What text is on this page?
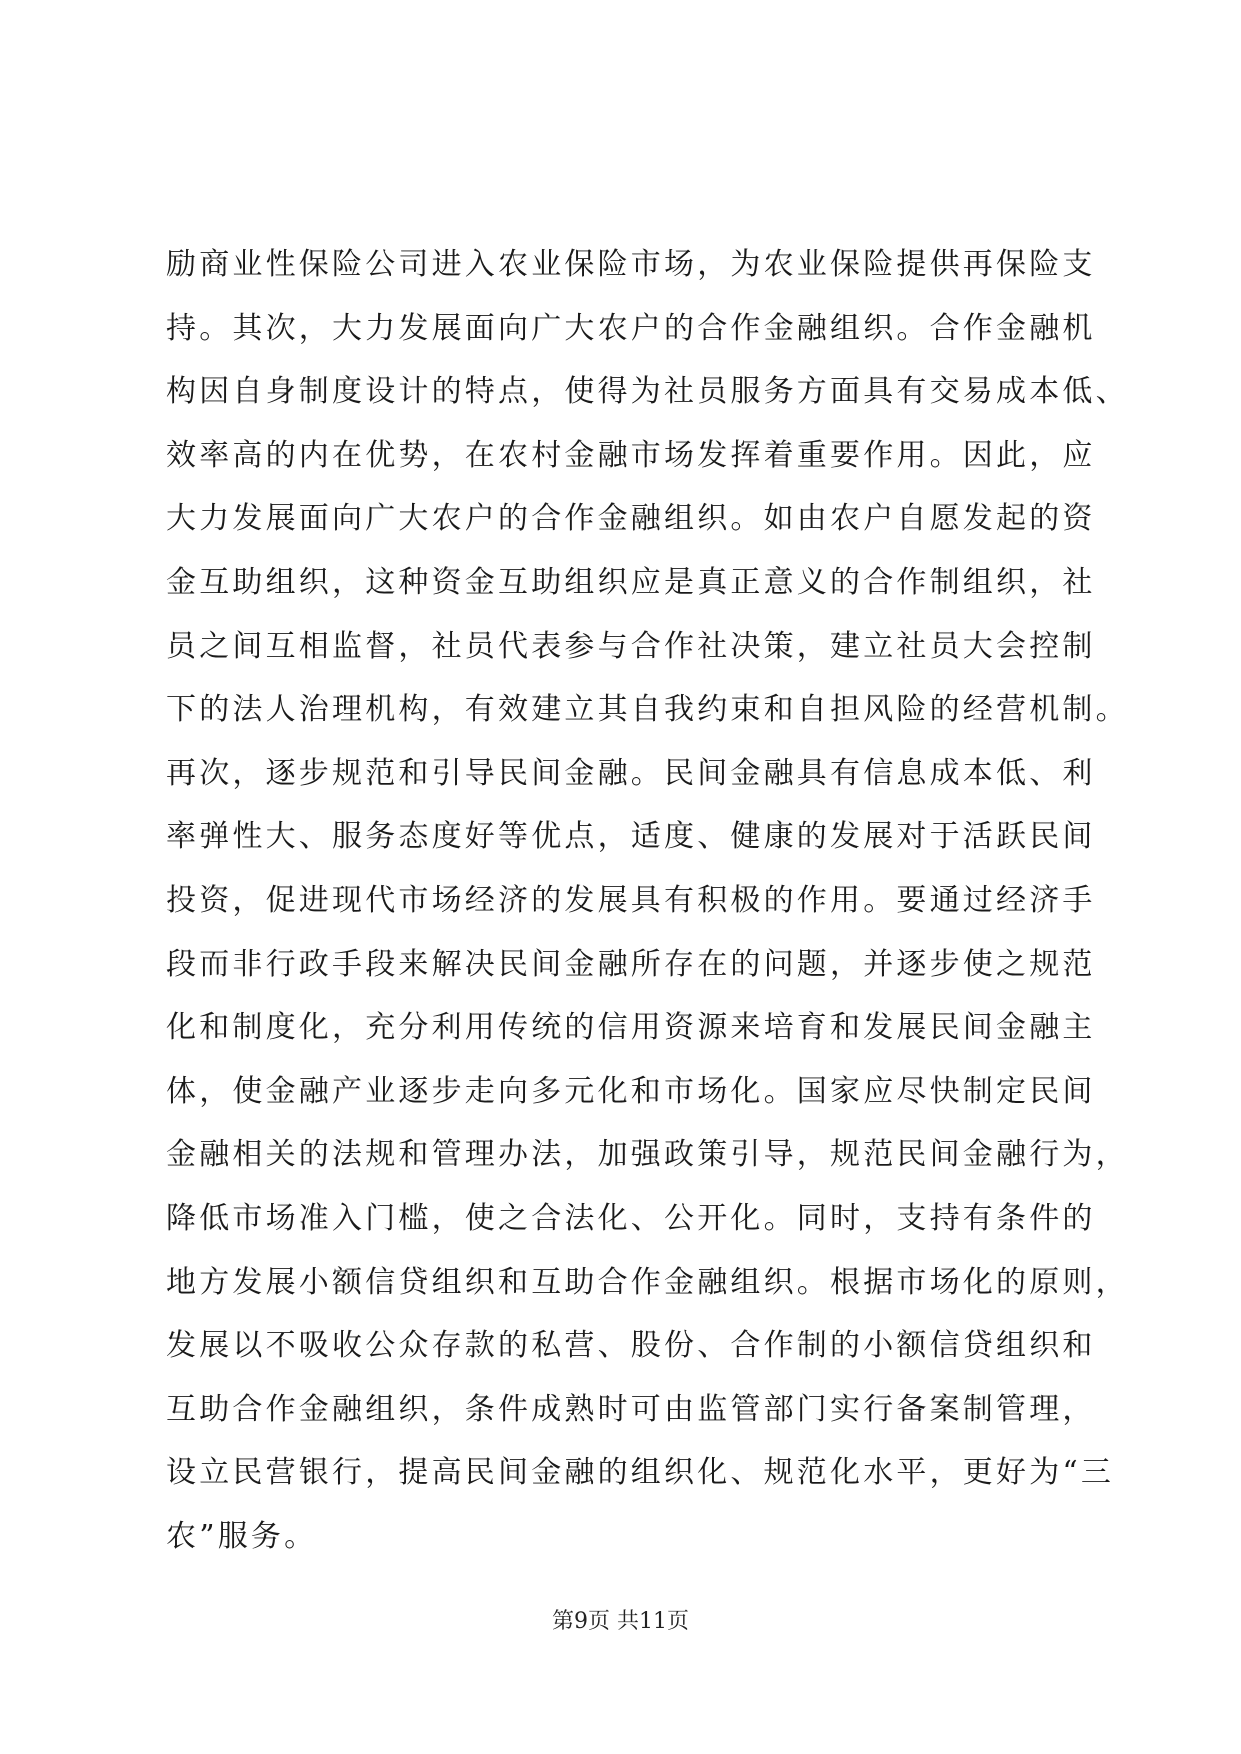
励商业性保险公司进入农业保险市场，为农业保险提供再保险支
持。其次，大力发展面向广大农户的合作金融组织。合作金融机
构因自身制度设计的特点，使得为社员服务方面具有交易成本低、
效率高的内在优势，在农村金融市场发挥着重要作用。因此，应
大力发展面向广大农户的合作金融组织。如由农户自愿发起的资
金互助组织，这种资金互助组织应是真正意义的合作制组织，社
员之间互相监督，社员代表参与合作社决策，建立社员大会控制
下的法人治理机构，有效建立其自我约束和自担风险的经营机制。
再次，逐步规范和引导民间金融。民间金融具有信息成本低、利
率弹性大、服务态度好等优点，适度、健康的发展对于活跃民间
投资，促进现代市场经济的发展具有积极的作用。要通过经济手
段而非行政手段来解决民间金融所存在的问题，并逐步使之规范
化和制度化，充分利用传统的信用资源来培育和发展民间金融主
体，使金融产业逐步走向多元化和市场化。国家应尽快制定民间
金融相关的法规和管理办法，加强政策引导，规范民间金融行为，
降低市场准入门槛，使之合法化、公开化。同时，支持有条件的
地方发展小额信贷组织和互助合作金融组织。根据市场化的原则，
发展以不吸收公众存款的私营、股份、合作制的小额信贷组织和
互助合作金融组织，条件成熟时可由监管部门实行备案制管理，
设立民营银行，提高民间金融的组织化、规范化水平，更好为“三
农”服务。
第9页 共11页
